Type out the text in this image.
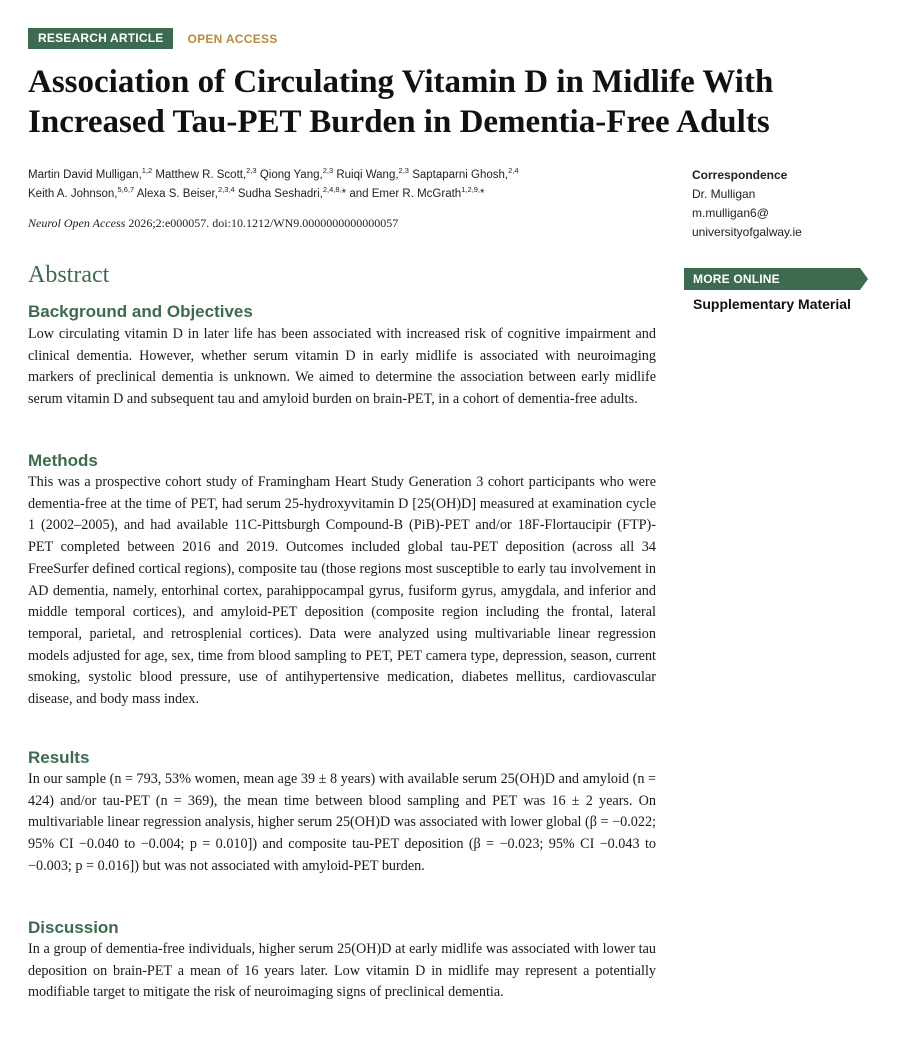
RESEARCH ARTICLE	OPEN ACCESS
Association of Circulating Vitamin D in Midlife With Increased Tau-PET Burden in Dementia-Free Adults
Martin David Mulligan,$^{1,2}$ Matthew R. Scott,$^{2,3}$ Qiong Yang,$^{2,3}$ Ruiqi Wang,$^{2,3}$ Saptaparni Ghosh,$^{2,4}$
Keith A. Johnson,$^{5,6,7}$ Alexa S. Beiser,$^{2,3,4}$ Sudha Seshadri,$^{2,4,8,}$* and Emer R. McGrath$^{1,2,9,}$*
Neurol Open Access 2026;2:e000057. doi:10.1212/WN9.0000000000000057
Correspondence
Dr. Mulligan
m.mulligan6@
universityofgalway.ie
MORE ONLINE
Supplementary Material
Abstract
Background and Objectives

Low circulating vitamin D in later life has been associated with increased risk of cognitive impairment and clinical dementia. However, whether serum vitamin D in early midlife is associated with neuroimaging markers of preclinical dementia is unknown. We aimed to determine the association between early midlife serum vitamin D and subsequent tau and amyloid burden on brain-PET, in a cohort of dementia-free adults.

Methods

This was a prospective cohort study of Framingham Heart Study Generation 3 cohort participants who were dementia-free at the time of PET, had serum 25-hydroxyvitamin D [25(OH)D] measured at examination cycle 1 (2002–2005), and had available 11C-Pittsburgh Compound-B (PiB)-PET and/or 18F-Flortaucipir (FTP)-PET completed between 2016 and 2019. Outcomes included global tau-PET deposition (across all 34 FreeSurfer defined cortical regions), composite tau (those regions most susceptible to early tau involvement in AD dementia, namely, entorhinal cortex, parahippocampal gyrus, fusiform gyrus, amygdala, and inferior and middle temporal cortices), and amyloid-PET deposition (composite region including the frontal, lateral temporal, parietal, and retrosplenial cortices). Data were analyzed using multivariable linear regression models adjusted for age, sex, time from blood sampling to PET, PET camera type, depression, season, current smoking, systolic blood pressure, use of antihypertensive medication, diabetes mellitus, cardiovascular disease, and body mass index.

Results

In our sample (n = 793, 53% women, mean age 39 ± 8 years) with available serum 25(OH)D and amyloid (n = 424) and/or tau-PET (n = 369), the mean time between blood sampling and PET was 16 ± 2 years. On multivariable linear regression analysis, higher serum 25(OH)D was associated with lower global (β = −0.022; 95% CI −0.040 to −0.004; p = 0.010]) and composite tau-PET deposition (β = −0.023; 95% CI −0.043 to −0.003; p = 0.016]) but was not associated with amyloid-PET burden.

Discussion

In a group of dementia-free individuals, higher serum 25(OH)D at early midlife was associated with lower tau deposition on brain-PET a mean of 16 years later. Low vitamin D in midlife may represent a potentially modifiable target to mitigate the risk of neuroimaging signs of preclinical dementia.
